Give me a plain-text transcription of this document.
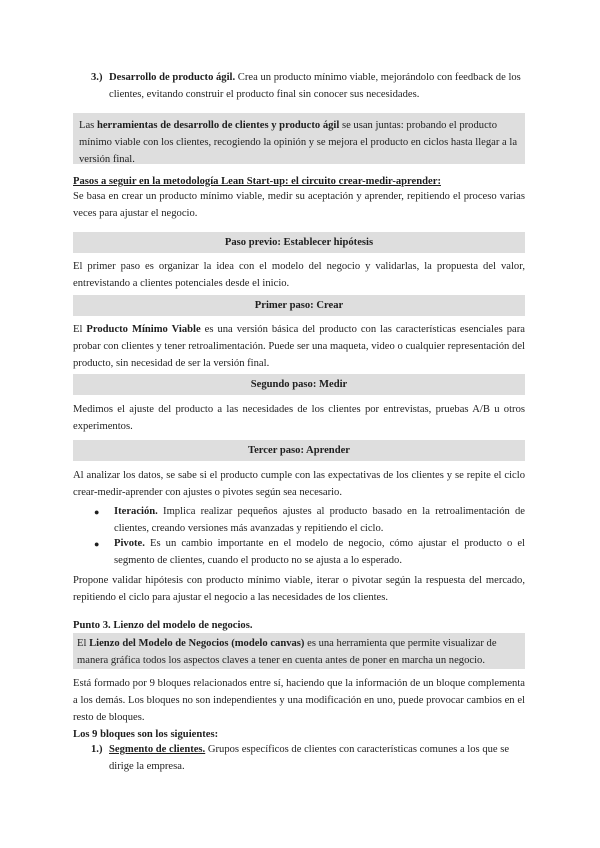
3.) Desarrollo de producto ágil. Crea un producto mínimo viable, mejorándolo con feedback de los clientes, evitando construir el producto final sin conocer sus necesidades.
Las herramientas de desarrollo de clientes y producto ágil se usan juntas: probando el producto mínimo viable con los clientes, recogiendo la opinión y se mejora el producto en ciclos hasta llegar a la versión final.
Pasos a seguir en la metodología Lean Start-up: el circuito crear-medir-aprender:
Se basa en crear un producto mínimo viable, medir su aceptación y aprender, repitiendo el proceso varias veces para ajustar el negocio.
Paso previo: Establecer hipótesis
El primer paso es organizar la idea con el modelo del negocio y validarlas, la propuesta del valor, entrevistando a clientes potenciales desde el inicio.
Primer paso: Crear
El Producto Mínimo Viable es una versión básica del producto con las características esenciales para probar con clientes y tener retroalimentación. Puede ser una maqueta, video o cualquier representación del producto, sin necesidad de ser la versión final.
Segundo paso: Medir
Medimos el ajuste del producto a las necesidades de los clientes por entrevistas, pruebas A/B u otros experimentos.
Tercer paso: Aprender
Al analizar los datos, se sabe si el producto cumple con las expectativas de los clientes y se repite el ciclo crear-medir-aprender con ajustes o pivotes según sea necesario.
● Iteración. Implica realizar pequeños ajustes al producto basado en la retroalimentación de clientes, creando versiones más avanzadas y repitiendo el ciclo.
● Pivote. Es un cambio importante en el modelo de negocio, cómo ajustar el producto o el segmento de clientes, cuando el producto no se ajusta a lo esperado.
Propone validar hipótesis con producto mínimo viable, iterar o pivotar según la respuesta del mercado, repitiendo el ciclo para ajustar el negocio a las necesidades de los clientes.
Punto 3. Lienzo del modelo de negocios.
El Lienzo del Modelo de Negocios (modelo canvas) es una herramienta que permite visualizar de manera gráfica todos los aspectos claves a tener en cuenta antes de poner en marcha un negocio.
Está formado por 9 bloques relacionados entre sí, haciendo que la información de un bloque complementa a los demás. Los bloques no son independientes y una modificación en uno, puede provocar cambios en el resto de bloques.
Los 9 bloques son los siguientes:
1.) Segmento de clientes. Grupos específicos de clientes con características comunes a los que se dirige la empresa.
